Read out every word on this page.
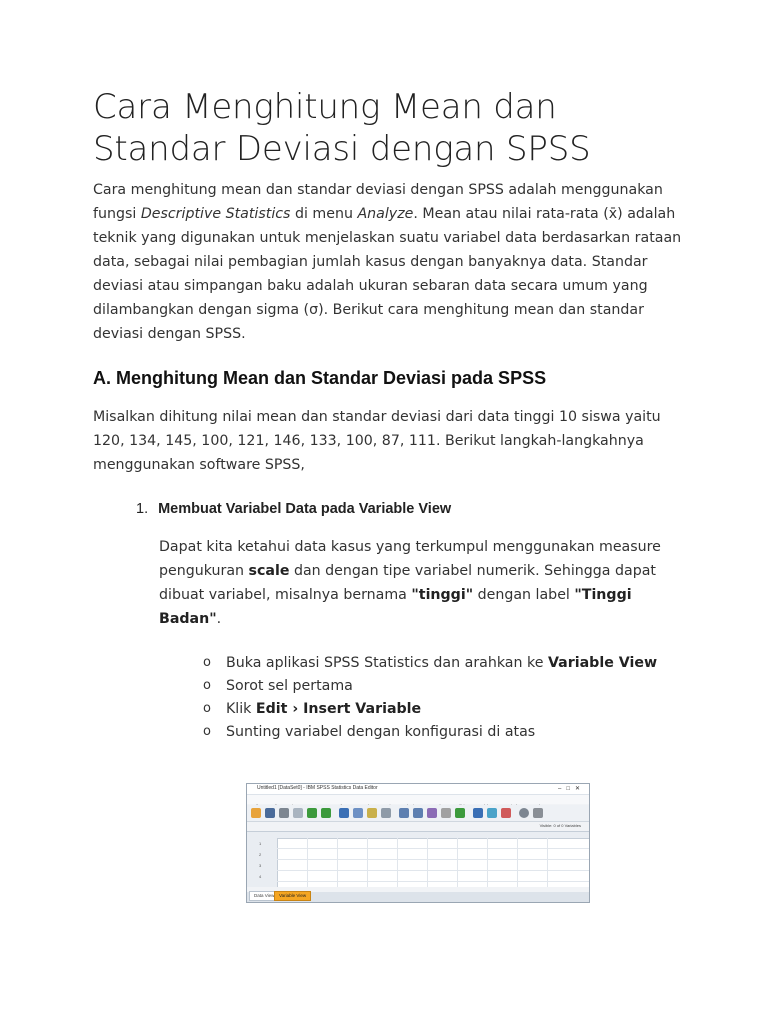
Cara Menghitung Mean dan Standar Deviasi dengan SPSS

Cara menghitung mean dan standar deviasi dengan SPSS adalah menggunakan fungsi Descriptive Statistics di menu Analyze. Mean atau nilai rata-rata (x̄) adalah teknik yang digunakan untuk menjelaskan suatu variabel data berdasarkan rataan data, sebagai nilai pembagian jumlah kasus dengan banyaknya data. Standar deviasi atau simpangan baku adalah ukuran sebaran data secara umum yang dilambangkan dengan sigma (σ). Berikut cara menghitung mean dan standar deviasi dengan SPSS.

A. Menghitung Mean dan Standar Deviasi pada SPSS

Misalkan dihitung nilai mean dan standar deviasi dari data tinggi 10 siswa yaitu 120, 134, 145, 100, 121, 146, 133, 100, 87, 111. Berikut langkah-langkahnya menggunakan software SPSS,

1. Membuat Variabel Data pada Variable View

Dapat kita ketahui data kasus yang terkumpul menggunakan measure pengukuran scale dan dengan tipe variabel numerik. Sehingga dapat dibuat variabel, misalnya bernama "tinggi" dengan label "Tinggi Badan".

o Buka aplikasi SPSS Statistics dan arahkan ke Variable View
o Sorot sel pertama
o Klik Edit › Insert Variable
o Sunting variabel dengan konfigurasi di atas
Untitled1 [DataSet0] - IBM SPSS Statistics Data Editor	–□✕

Visible: 0 of 0 Variables
1
2
3
4
Data View	Variable View
